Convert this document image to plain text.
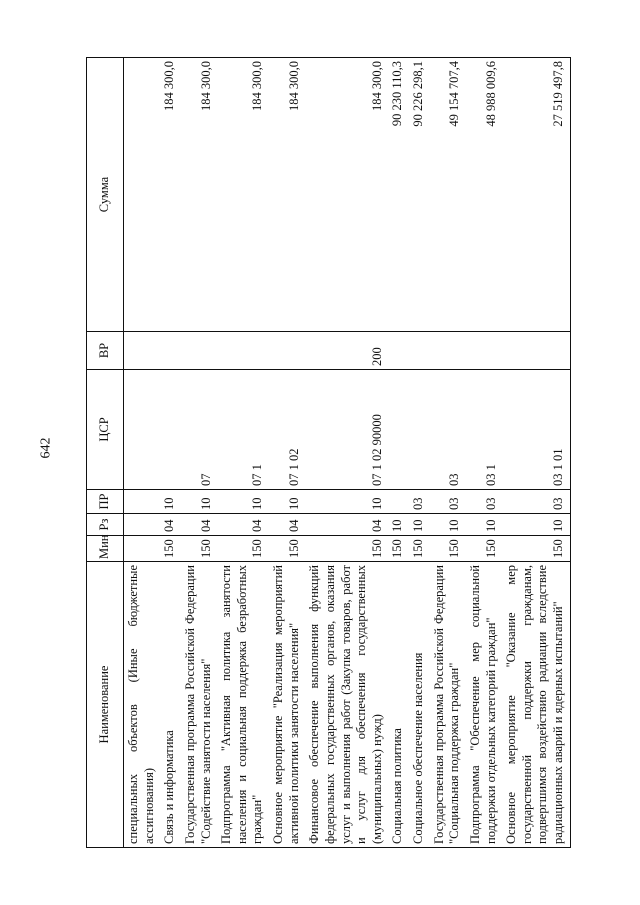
642
Наименование	Мин	Рз	ПР	ЦСР	ВР	Сумма
специальных объектов (Иные бюджетные ассигнования)						
Связь и информатика	150	04	10			184 300,0
Государственная программа Российской Федерации "Содействие занятости населения"	150	04	10	07		184 300,0
Подпрограмма "Активная политика занятости населения и социальная поддержка безработных граждан"	150	04	10	07 1		184 300,0
Основное мероприятие "Реализация мероприятий активной политики занятости населения"	150	04	10	07 1 02		184 300,0
Финансовое обеспечение выполнения функций федеральных государственных органов, оказания услуг и выполнения работ (Закупка товаров, работ и услуг для обеспечения государственных (муниципальных) нужд)	150	04	10	07 1 02 90000	200	184 300,0
Социальная политика	150	10				90 230 110,3
Социальное обеспечение населения	150	10	03			90 226 298,1
Государственная программа Российской Федерации "Социальная поддержка граждан"	150	10	03	03		49 154 707,4
Подпрограмма "Обеспечение мер социальной поддержки отдельных категорий граждан"	150	10	03	03 1		48 988 009,6
Основное мероприятие "Оказание мер государственной поддержки гражданам, подвергшимся воздействию радиации вследствие радиационных аварий и ядерных испытаний"	150	10	03	03 1 01		27 519 497,8
